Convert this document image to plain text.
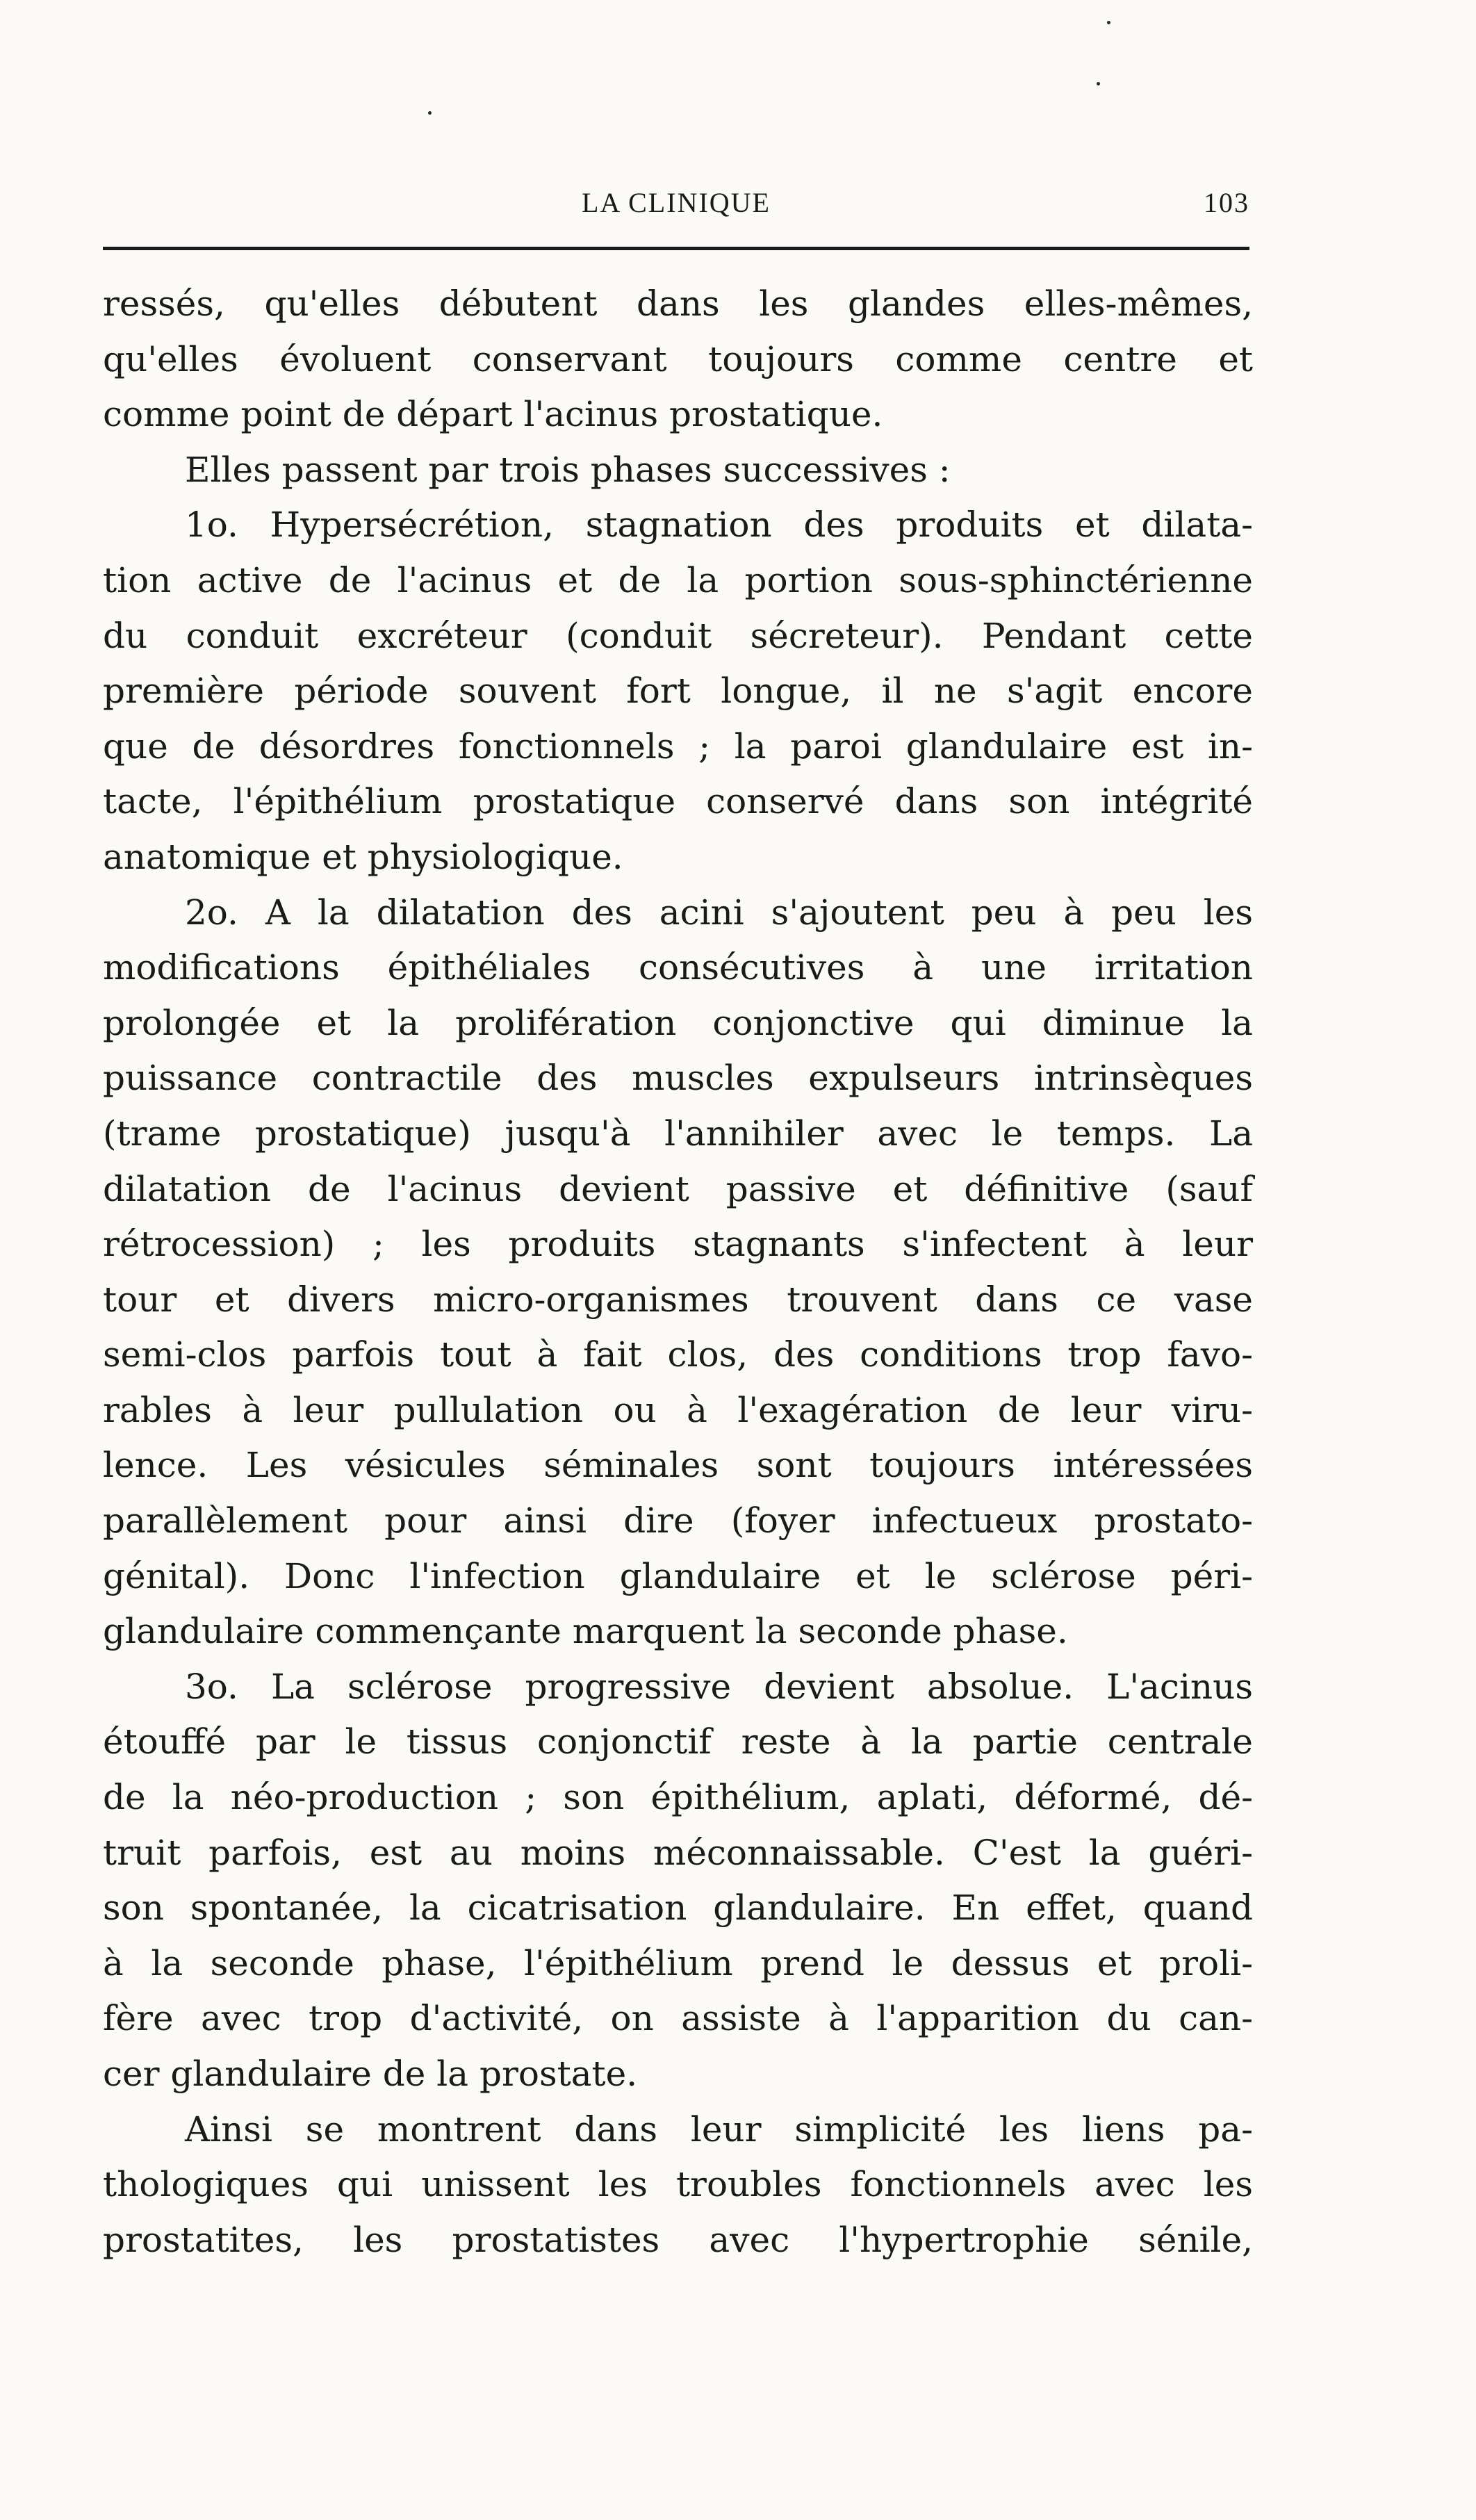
LA CLINIQUE	103
ressés, qu'elles débutent dans les glandes elles-mêmes,
qu'elles évoluent conservant toujours comme centre et
comme point de départ l'acinus prostatique.
Elles passent par trois phases successives :
1o. Hypersécrétion, stagnation des produits et dilata-
tion active de l'acinus et de la portion sous-sphinctérienne
du conduit excréteur (conduit sécreteur). Pendant cette
première période souvent fort longue, il ne s'agit encore
que de désordres fonctionnels ; la paroi glandulaire est in-
tacte, l'épithélium prostatique conservé dans son intégrité
anatomique et physiologique.
2o. A la dilatation des acini s'ajoutent peu à peu les
modifications épithéliales consécutives à une irritation
prolongée et la prolifération conjonctive qui diminue la
puissance contractile des muscles expulseurs intrinsèques
(trame prostatique) jusqu'à l'annihiler avec le temps. La
dilatation de l'acinus devient passive et définitive (sauf
rétrocession) ; les produits stagnants s'infectent à leur
tour et divers micro-organismes trouvent dans ce vase
semi-clos parfois tout à fait clos, des conditions trop favo-
rables à leur pullulation ou à l'exagération de leur viru-
lence. Les vésicules séminales sont toujours intéressées
parallèlement pour ainsi dire (foyer infectueux prostato-
génital). Donc l'infection glandulaire et le sclérose péri-
glandulaire commençante marquent la seconde phase.
3o. La sclérose progressive devient absolue. L'acinus
étouffé par le tissus conjonctif reste à la partie centrale
de la néo-production ; son épithélium, aplati, déformé, dé-
truit parfois, est au moins méconnaissable. C'est la guéri-
son spontanée, la cicatrisation glandulaire. En effet, quand
à la seconde phase, l'épithélium prend le dessus et proli-
fère avec trop d'activité, on assiste à l'apparition du can-
cer glandulaire de la prostate.
Ainsi se montrent dans leur simplicité les liens pa-
thologiques qui unissent les troubles fonctionnels avec les
prostatites, les prostatistes avec l'hypertrophie sénile,
